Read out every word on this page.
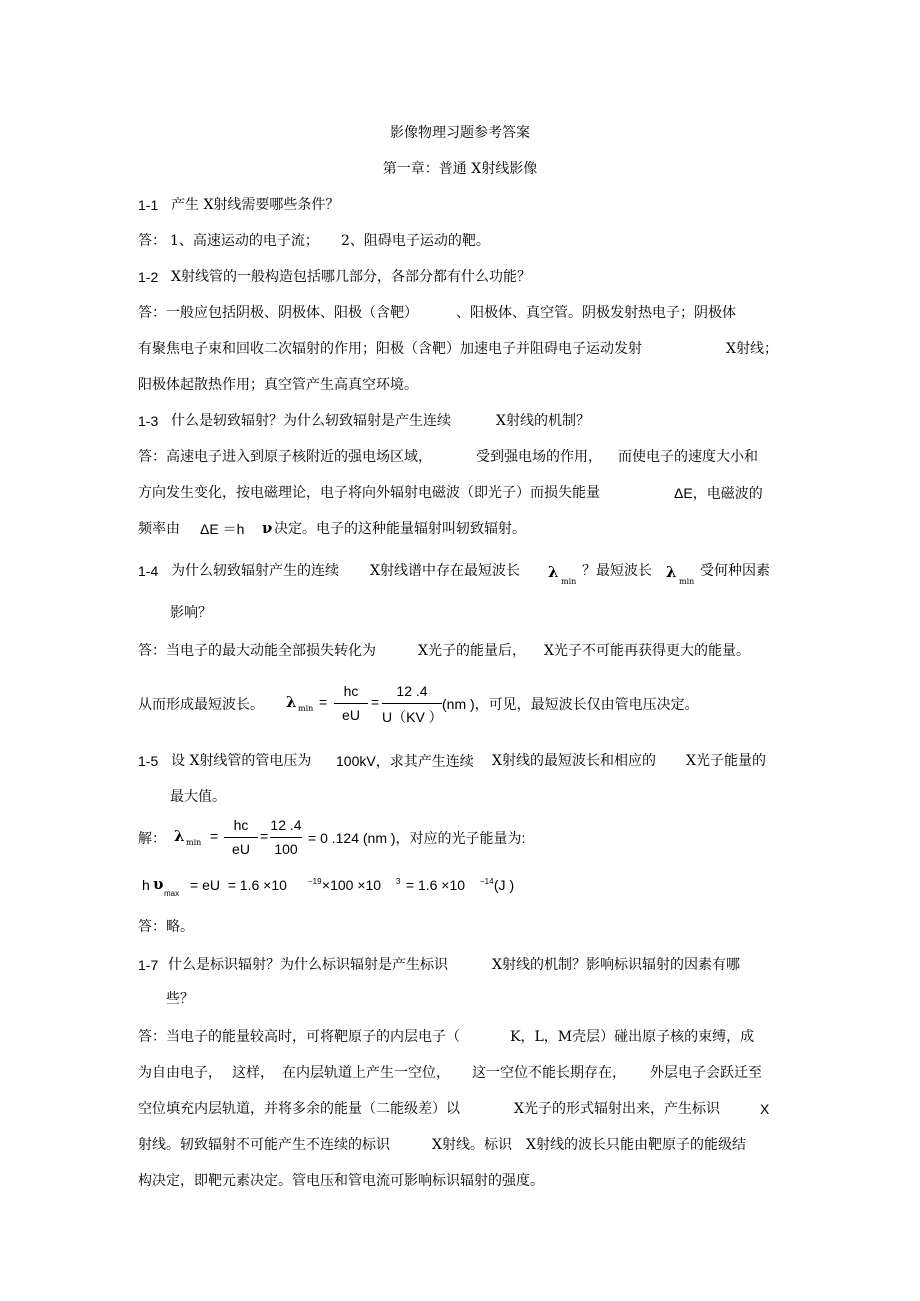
影像物理习题参考答案
第一章：普通 X射线影像

1-1

产生 X射线需要哪些条件？

答：

1、高速运动的电子流；

2、阻碍电子运动的靶。

1-2

X射线管的一般构造包括哪几部分，各部分都有什么功能？

答：一般应包括阴极、阴极体、阳极（含靶）

	、阳极体、真空管。阴极发射热电子；阴极体

有聚焦电子束和回收二次辐射的作用；阳极（含靶）加速电子并阻碍电子运动发射

	X射线；

阳极体起散热作用；真空管产生高真空环境。

1-3

什么是轫致辐射？为什么轫致辐射是产生连续

	X射线的机制？

答：高速电子进入到原子核附近的强电场区域，

	受到强电场的作用，

而使电子的速度大小和

方向发生变化，按电磁理论，电子将向外辐射电磁波（即光子）而损失能量

	ΔE，电磁波的

频率由

ΔE ＝h

ν

决定。电子的这种能量辐射叫轫致辐射。

1-4

为什么轫致辐射产生的连续

X射线谱中存在最短波长

λ

min

？最短波长

λ

min

受何种因素

影响？

答：当电子的最大动能全部损失转化为

	X光子的能量后，

X光子不可能再获得更大的能量。

从而形成最短波长。 λ min =
hc
eU
=
12 .4
U（KV ）
(nm )，可见，最短波长仅由管电压决定。

1-5

设 X射线管的管电压为

100kV，求其产生连续

X射线的最短波长和相应的

X光子能量的

最大值。
解： λ min =
hc
eU
=
12 .4
100
= 0 .124 (nm )，对应的光子能量为:

h

υ

max

= eU  = 1.6 ×10

	−19

×100 ×10

3

= 1.6 ×10

−14

(J )

答：略。

1-7

什么是标识辐射？为什么标识辐射是产生标识

	X射线的机制？影响标识辐射的因素有哪

些？

答：当电子的能量较高时，可将靶原子的内层电子（

	K，L，M壳层）碰出原子核的束缚，成

为自由电子，

这样，

在内层轨道上产生一空位，

这一空位不能长期存在，

外层电子会跃迁至

空位填充内层轨道，并将多余的能量（二能级差）以

	X光子的形式辐射出来，产生标识

	X

射线。轫致辐射不可能产生不连续的标识

	X射线。标识

X射线的波长只能由靶原子的能级结

构决定，即靶元素决定。管电压和管电流可影响标识辐射的强度。
